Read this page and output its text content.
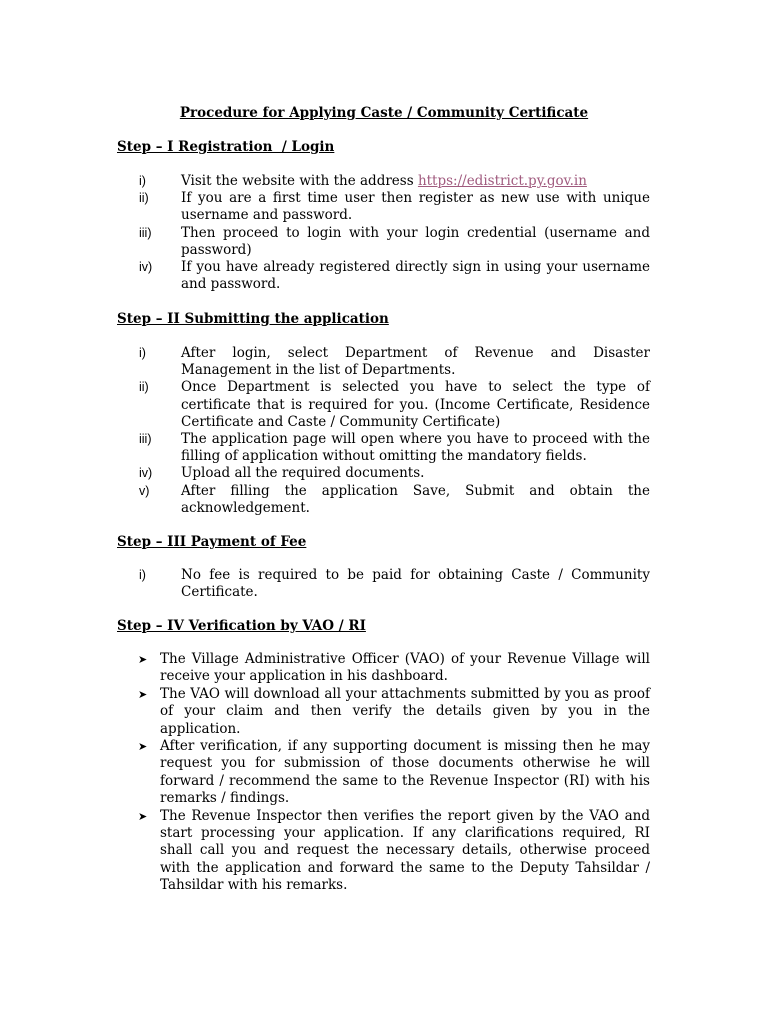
Procedure for Applying Caste / Community Certificate
Step – I Registration  / Login
i)	Visit the website with the address https://edistrict.py.gov.in
ii) If you are a first time user then register as new use with unique username and password.
iii) Then proceed to login with your login credential (username and password)
iv) If you have already registered directly sign in using your username and password.
Step – II Submitting the application
i)	After login, select Department of Revenue and Disaster Management in the list of Departments.
ii) Once Department is selected you have to select the type of certificate that is required for you. (Income Certificate, Residence Certificate and Caste / Community Certificate)
iii) The application page will open where you have to proceed with the filling of application without omitting the mandatory fields.
iv) Upload all the required documents.
v) After filling the application Save, Submit and obtain the acknowledgement.
Step – III Payment of Fee
i)	No fee is required to be paid for obtaining Caste / Community Certificate.
Step – IV Verification by VAO / RI
➤ The Village Administrative Officer (VAO) of your Revenue Village will receive your application in his dashboard.
➤ The VAO will download all your attachments submitted by you as proof of your claim and then verify the details given by you in the application.
➤ After verification, if any supporting document is missing then he may request you for submission of those documents otherwise he will forward / recommend the same to the Revenue Inspector (RI) with his remarks / findings.
➤ The Revenue Inspector then verifies the report given by the VAO and start processing your application. If any clarifications required, RI shall call you and request the necessary details, otherwise proceed with the application and forward the same to the Deputy Tahsildar / Tahsildar with his remarks.
